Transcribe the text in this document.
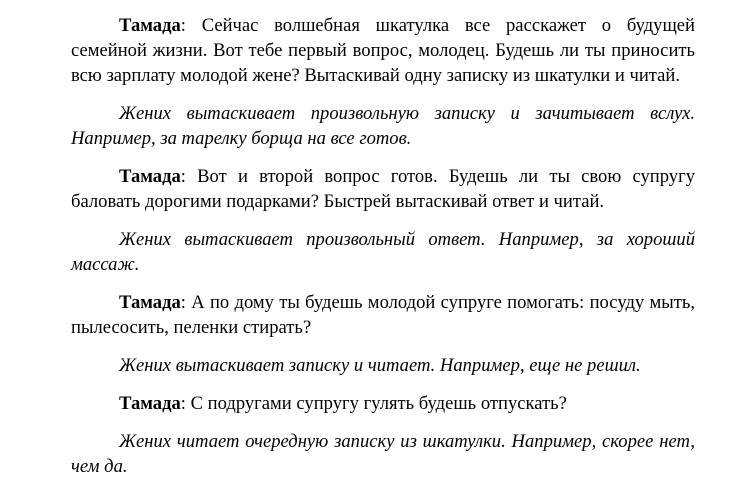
Тамада: Сейчас волшебная шкатулка все расскажет о будущей семейной жизни. Вот тебе первый вопрос, молодец. Будешь ли ты приносить всю зарплату молодой жене? Вытаскивай одну записку из шкатулки и читай.

Жених вытаскивает произвольную записку и зачитывает вслух. Например, за тарелку борща на все готов.

Тамада: Вот и второй вопрос готов. Будешь ли ты свою супругу баловать дорогими подарками? Быстрей вытаскивай ответ и читай.

Жених вытаскивает произвольный ответ. Например, за хороший массаж.

Тамада: А по дому ты будешь молодой супруге помогать: посуду мыть, пылесосить, пеленки стирать?

Жених вытаскивает записку и читает. Например, еще не решил.

Тамада: С подругами супругу гулять будешь отпускать?

Жених читает очередную записку из шкатулки. Например, скорее нет, чем да.
